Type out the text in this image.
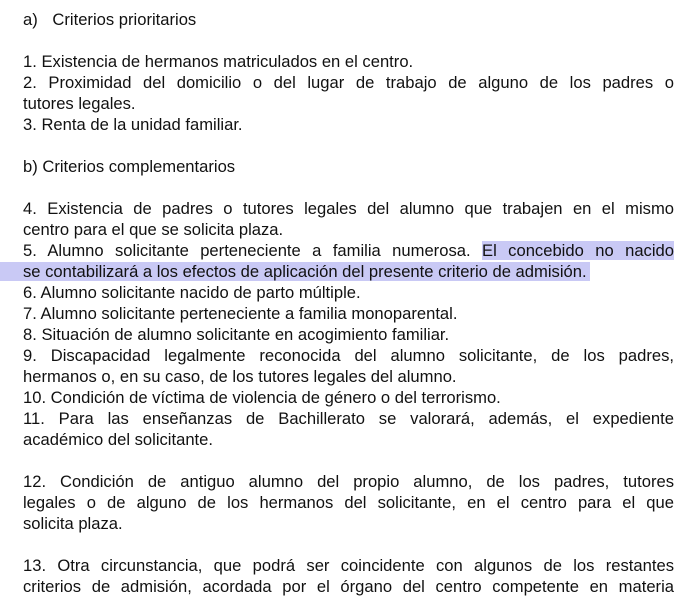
a) Criterios prioritarios
1. Existencia de hermanos matriculados en el centro.
2. Proximidad del domicilio o del lugar de trabajo de alguno de los padres o
tutores legales.
3. Renta de la unidad familiar.
b) Criterios complementarios
4. Existencia de padres o tutores legales del alumno que trabajen en el mismo
centro para el que se solicita plaza.
5. Alumno solicitante perteneciente a familia numerosa. El concebido no nacido
se contabilizará a los efectos de aplicación del presente criterio de admisión.
6. Alumno solicitante nacido de parto múltiple.
7. Alumno solicitante perteneciente a familia monoparental.
8. Situación de alumno solicitante en acogimiento familiar.
9. Discapacidad legalmente reconocida del alumno solicitante, de los padres,
hermanos o, en su caso, de los tutores legales del alumno.
10. Condición de víctima de violencia de género o del terrorismo.
11. Para las enseñanzas de Bachillerato se valorará, además, el expediente
académico del solicitante.
12. Condición de antiguo alumno del propio alumno, de los padres, tutores
legales o de alguno de los hermanos del solicitante, en el centro para el que
solicita plaza.
13. Otra circunstancia, que podrá ser coincidente con algunos de los restantes
criterios de admisión, acordada por el órgano del centro competente en materia
